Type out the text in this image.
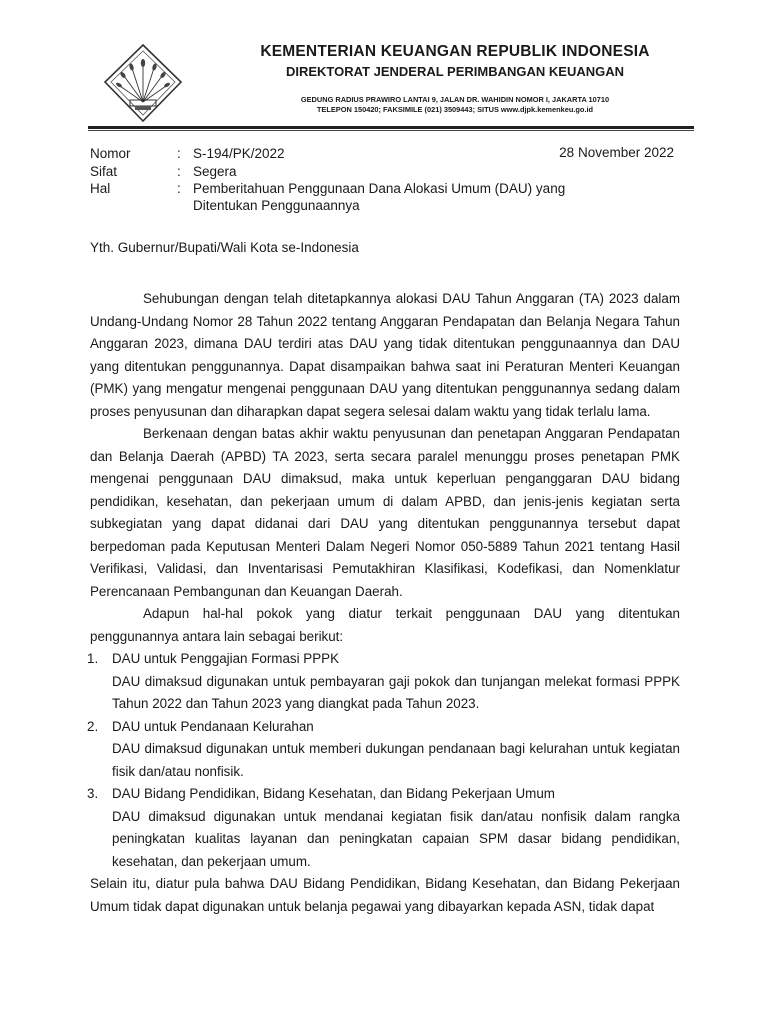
KEMENTERIAN KEUANGAN REPUBLIK INDONESIA
DIREKTORAT JENDERAL PERIMBANGAN KEUANGAN
GEDUNG RADIUS PRAWIRO LANTAI 9, JALAN DR. WAHIDIN NOMOR I, JAKARTA 10710
TELEPON 150420; FAKSIMILE (021) 3509443; SITUS www.djpk.kemenkeu.go.id
Nomor	: S-194/PK/2022	28 November 2022
Sifat	: Segera
Hal	: Pemberitahuan Penggunaan Dana Alokasi Umum (DAU) yang Ditentukan Penggunaannya
Yth. Gubernur/Bupati/Wali Kota se-Indonesia

Sehubungan dengan telah ditetapkannya alokasi DAU Tahun Anggaran (TA) 2023 dalam Undang-Undang Nomor 28 Tahun 2022 tentang Anggaran Pendapatan dan Belanja Negara Tahun Anggaran 2023, dimana DAU terdiri atas DAU yang tidak ditentukan penggunaannya dan DAU yang ditentukan penggunannya. Dapat disampaikan bahwa saat ini Peraturan Menteri Keuangan (PMK) yang mengatur mengenai penggunaan DAU yang ditentukan penggunannya sedang dalam proses penyusunan dan diharapkan dapat segera selesai dalam waktu yang tidak terlalu lama.

Berkenaan dengan batas akhir waktu penyusunan dan penetapan Anggaran Pendapatan dan Belanja Daerah (APBD) TA 2023, serta secara paralel menunggu proses penetapan PMK mengenai penggunaan DAU dimaksud, maka untuk keperluan penganggaran DAU bidang pendidikan, kesehatan, dan pekerjaan umum di dalam APBD, dan jenis-jenis kegiatan serta subkegiatan yang dapat didanai dari DAU yang ditentukan penggunannya tersebut dapat berpedoman pada Keputusan Menteri Dalam Negeri Nomor 050-5889 Tahun 2021 tentang Hasil Verifikasi, Validasi, dan Inventarisasi Pemutakhiran Klasifikasi, Kodefikasi, dan Nomenklatur Perencanaan Pembangunan dan Keuangan Daerah.

Adapun hal-hal pokok yang diatur terkait penggunaan DAU yang ditentukan penggunannya antara lain sebagai berikut:

1. DAU untuk Penggajian Formasi PPPK

DAU dimaksud digunakan untuk pembayaran gaji pokok dan tunjangan melekat formasi PPPK Tahun 2022 dan Tahun 2023 yang diangkat pada Tahun 2023.

2. DAU untuk Pendanaan Kelurahan

DAU dimaksud digunakan untuk memberi dukungan pendanaan bagi kelurahan untuk kegiatan fisik dan/atau nonfisik.

3. DAU Bidang Pendidikan, Bidang Kesehatan, dan Bidang Pekerjaan Umum

DAU dimaksud digunakan untuk mendanai kegiatan fisik dan/atau nonfisik dalam rangka peningkatan kualitas layanan dan peningkatan capaian SPM dasar bidang pendidikan, kesehatan, dan pekerjaan umum.

Selain itu, diatur pula bahwa DAU Bidang Pendidikan, Bidang Kesehatan, dan Bidang Pekerjaan Umum tidak dapat digunakan untuk belanja pegawai yang dibayarkan kepada ASN, tidak dapat
